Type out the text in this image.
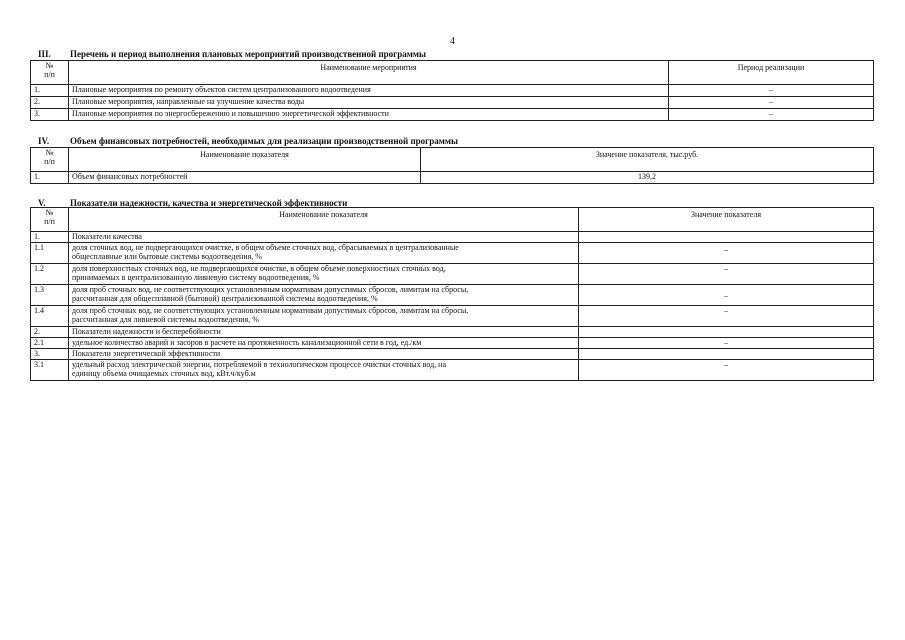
4
III. Перечень и период выполнения плановых мероприятий производственной программы
№
п/п	Наименование мероприятия	Период реализации
1.	Плановые мероприятия по ремонту объектов систем централизованного водоотведения	–
2.	Плановые мероприятия, направленные на улучшение качества воды	–
3.	Плановые мероприятия по энергосбережению и повышению энергетической эффективности	–
IV. Объем финансовых потребностей, необходимых для реализации производственной программы
№
п/п	Наименование показателя	Значение показателя, тыс.руб.
1.	Объем финансовых потребностей	139,2
V.	Показатели надежности, качества и энергетической эффективности
№
п/п	Наименование показателя	Значение показателя
1.	Показатели качества	
1.1	доля сточных вод, не подвергающихся очистке, в общем объеме сточных вод, сбрасываемых в централизованные
общесплавные или бытовые системы водоотведения, %	–
1.2	доля поверхностных сточных вод, не подвергающихся очистке, в общем объеме поверхностных сточных вод,
принимаемых в централизованную ливневую систему водоотведения, %	–
1.3	доля проб сточных вод, не соответствующих установленным нормативам допустимых сбросов, лимитам на сбросы,
рассчитанная для общесплавной (бытовой) централизованной системы водоотведения, %	–
1.4	доля проб сточных вод, не соответствующих установленным нормативам допустимых сбросов, лимитам на сбросы,
рассчитанная для ливневой системы водоотведения, %	–
2.	Показатели надежности и бесперебойности	
2.1	удельное количество аварий и засоров в расчете на протяженность канализационной сети в год, ед./км	–
3.	Показатели энергетической эффективности	
3.1	удельный расход электрической энергии, потребляемой в технологическом процессе очистки сточных вод, на
единицу объема очищаемых сточных вод, кВт.ч/куб.м	–
